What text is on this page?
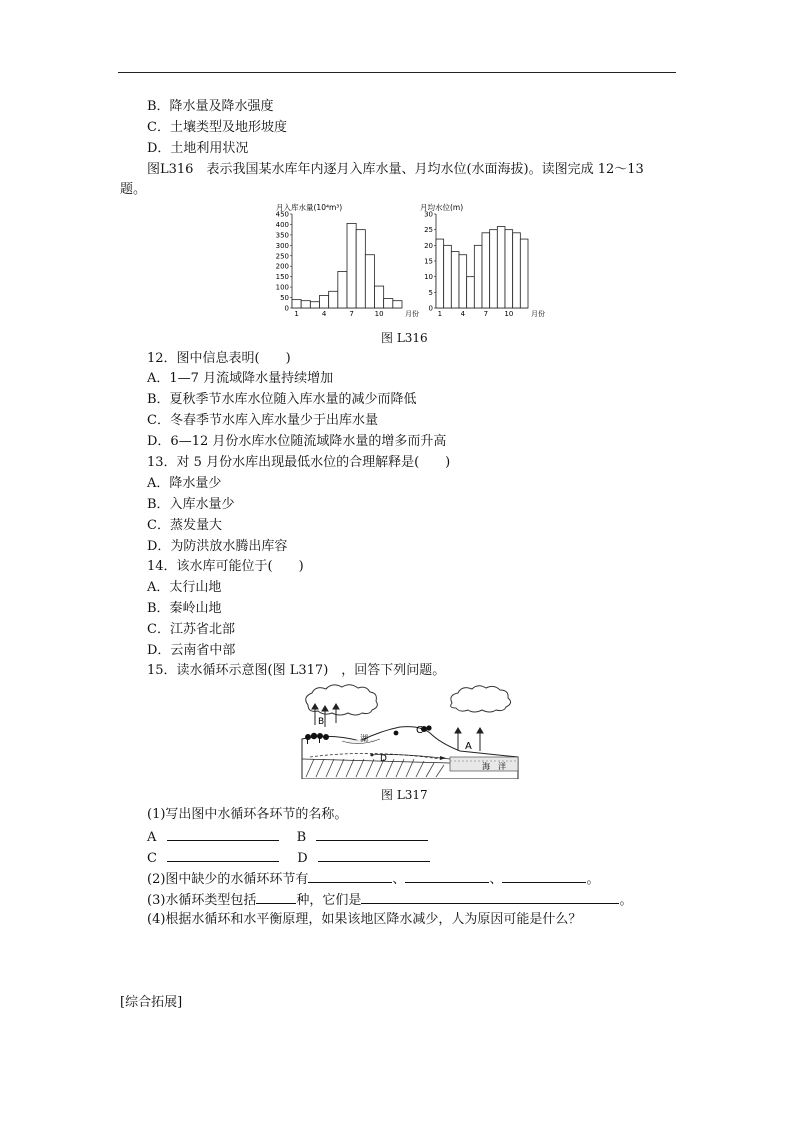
B．降水量及降水强度
C．土壤类型及地形坡度
D．土地利用状况
图L316　表示我国某水库年内逐月入库水量、月均水位(水面海拔)。读图完成 12～13
题。
月入库水量(10⁴m³)
0
50
100
150
200
250
300
350
400
450
1	4	7	10	月份
月均水位(m)
0
5
10
15
20
25
30
1	4	7 10	月份
图 L316
12．图中信息表明(　　)
A．1—7 月流域降水量持续增加
B．夏秋季节水库水位随入库水量的减少而降低
C．冬春季节水库入库水量少于出库水量
D．6—12 月份水库水位随流域降水量的增多而升高
13．对 5 月份水库出现最低水位的合理解释是(　　)
A．降水量少
B．入库水量少
C．蒸发量大
D．为防洪放水腾出库容
14．该水库可能位于(　　)
A．太行山地
B．秦岭山地
C．江苏省北部
D．云南省中部
15．读水循环示意图(图 L317)　，回答下列问题。
B
A
海　洋
湖
C
D
图 L317
(1)写出图中水循环各环节的名称。
A	B
C	D
(2)图中缺少的水循环环节有	、	、	。
(3)水循环类型包括	种，它们是	。
(4)根据水循环和水平衡原理，如果该地区降水减少，人为原因可能是什么？
[综合拓展]
